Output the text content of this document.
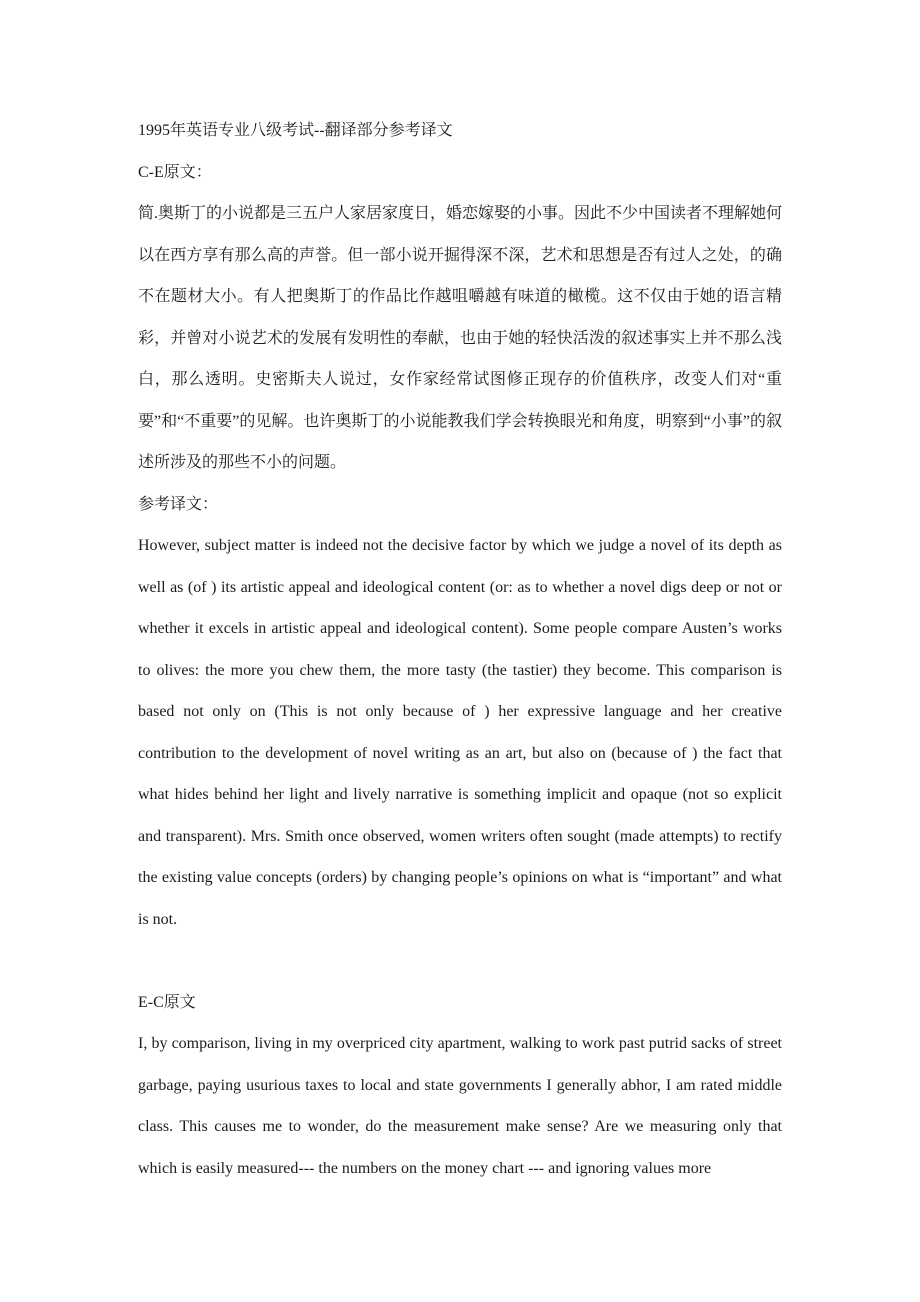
1995年英语专业八级考试--翻译部分参考译文

C-E原文：

简.奥斯丁的小说都是三五户人家居家度日，婚恋嫁娶的小事。因此不少中国读者不理解她何以在西方享有那么高的声誉。但一部小说开掘得深不深，艺术和思想是否有过人之处，的确不在题材大小。有人把奥斯丁的作品比作越咀嚼越有味道的橄榄。这不仅由于她的语言精彩，并曾对小说艺术的发展有发明性的奉献，也由于她的轻快活泼的叙述事实上并不那么浅白，那么透明。史密斯夫人说过，女作家经常试图修正现存的价值秩序，改变人们对“重要”和“不重要”的见解。也许奥斯丁的小说能教我们学会转换眼光和角度，明察到“小事”的叙述所涉及的那些不小的问题。

参考译文：

However, subject matter is indeed not the decisive factor by which we judge a novel of its depth as well as (of ) its artistic appeal and ideological content (or: as to whether a novel digs deep or not or whether it excels in artistic appeal and ideological content). Some people compare Austen’s works to olives: the more you chew them, the more tasty (the tastier) they become. This comparison is based not only on (This is not only because of ) her expressive language and her creative contribution to the development of novel writing as an art, but also on (because of ) the fact that what hides behind her light and lively narrative is something implicit and opaque (not so explicit and transparent). Mrs. Smith once observed, women writers often sought (made attempts) to rectify the existing value concepts (orders) by changing people’s opinions on what is “important” and what is not.

E-C原文

I, by comparison, living in my overpriced city apartment, walking to work past putrid sacks of street garbage, paying usurious taxes to local and state governments I generally abhor, I am rated middle class. This causes me to wonder, do the measurement make sense? Are we measuring only that which is easily measured--- the numbers on the money chart --- and ignoring values more
